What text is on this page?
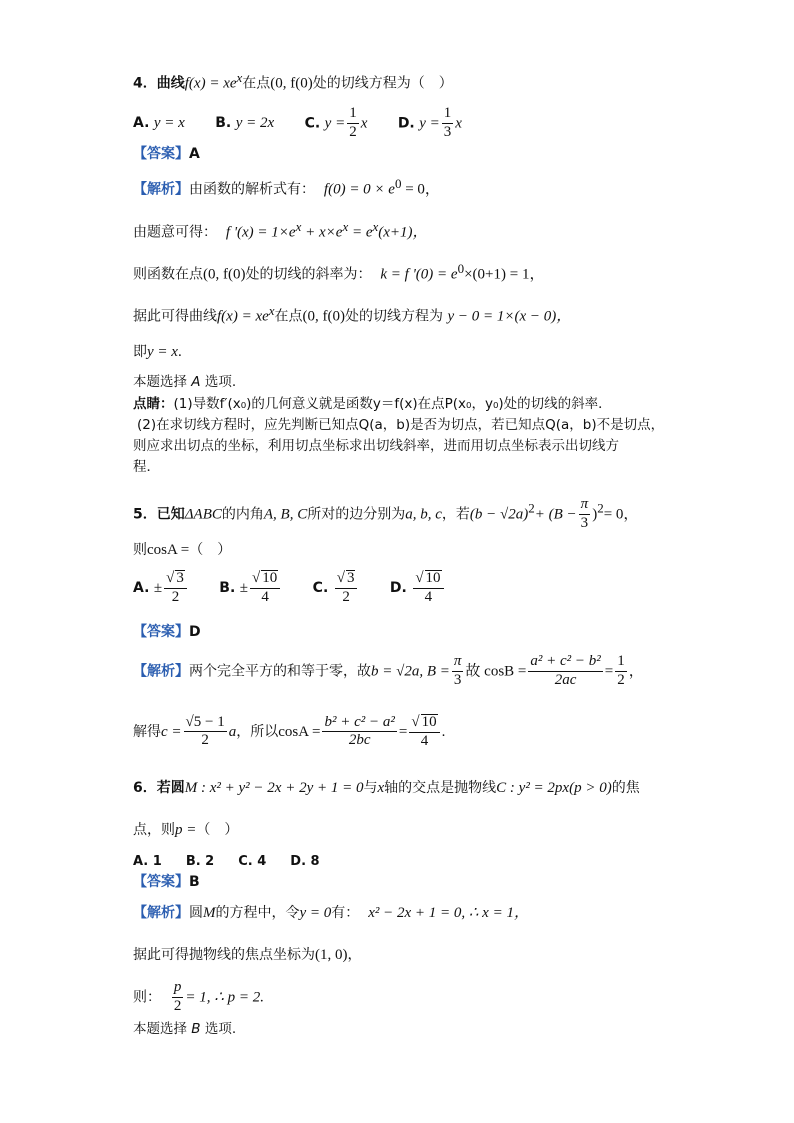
4．曲线$f(x) = xe^x$在点(0, f(0)处的切线方程为（　）
A. y = x B. y = 2x C. $y = \frac{1}{2}$ x D. $y = \frac{1}{3}$ x
【答案】A
【解析】由函数的解析式有： $f(0) = 0 \times e^0 = 0$，
由题意可得： f '$(x) = 1\times e^x + x\times e^x = e^x(x+1)$，
则函数在点(0, f(0)处的切线的斜率为： k = f '$(0) = e^0\times(0+1) = 1$，
据此可得曲线$f(x) = xe^x$在点(0, f(0)处的切线方程为 y − 0 = 1×(x − 0)，
即y = x.
本题选择 A 选项.
点睛：(1)导数f′(x₀)的几何意义就是函数y＝f(x)在点P(x₀，y₀)处的切线的斜率．
(2)在求切线方程时，应先判断已知点Q(a，b)是否为切点，若已知点Q(a，b)不是切点，
则应求出切点的坐标，利用切点坐标求出切线斜率，进而用切点坐标表示出切线方
程．
5．已知ΔABC的内角A, B, C所对的边分别为a, b, c，若$(b - √2a)^2+ (B - \frac{\pi}{3} )^2= 0$，
则cosA =（　）
A. ± $\frac{√ 3}{2} B$. ± $\frac{√ 10}{4} C$. $\frac{√ 3}{2} D$. $\frac{√ 10}{4}$
【答案】D
【解析】两个完全平方的和等于零，故b = √2a, $B = \frac{\pi}{3}$ 故 $\cos B = \frac{\text{a² + c² − b²}}{2ac} = \frac{1}{2}$ ，
解得$c = \frac{√5 - 1}{2}$ a，所以$\cos A = \frac{\text{b² + c² − a²}}{2bc} = \frac{√ 10}{4}$ .
6．若圆M : x² + y² − 2x + 2y + 1 = 0与x轴的交点是抛物线C : y² = 2px(p > 0)的焦
点，则p =（　）
A. 1 B. 2 C. 4 D. 8
【答案】B
【解析】圆M的方程中，令y = 0有： x² − 2x + 1 = 0, ∴ x = 1，
据此可得抛物线的焦点坐标为(1, 0)，
则： $\frac{p}{2} = 1$, ∴ p = 2.
本题选择 B 选项.
